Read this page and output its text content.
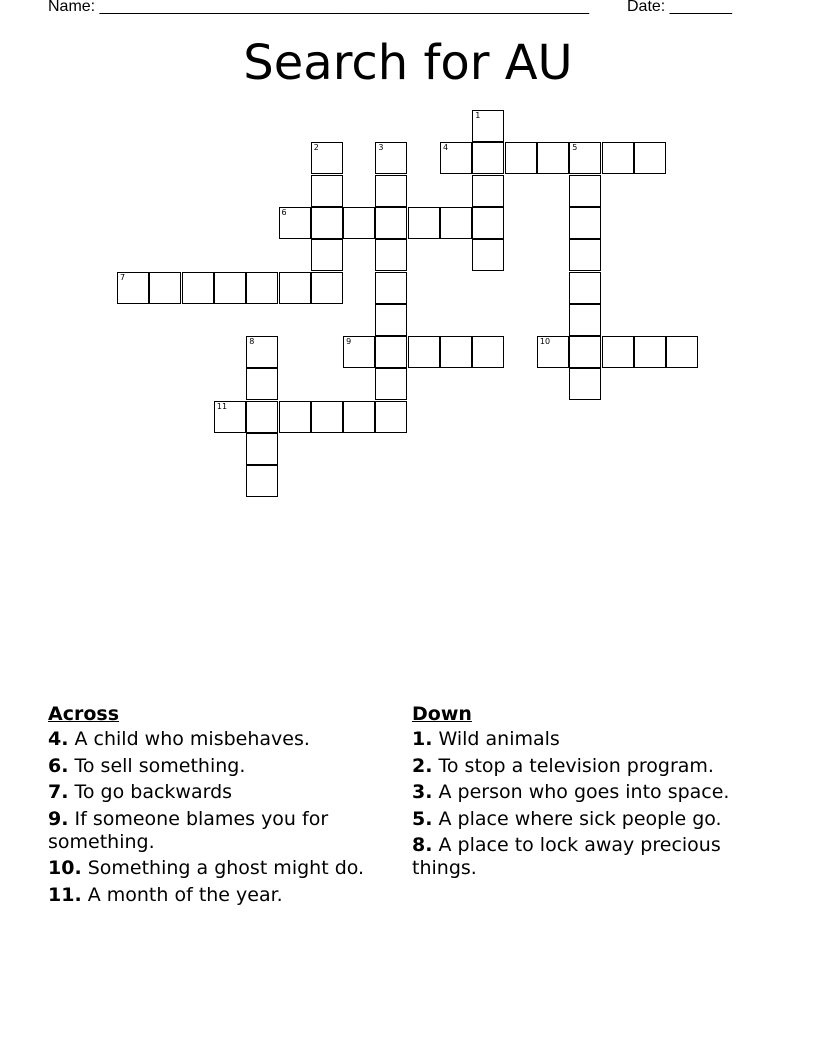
Name: _______________________________________________________ Date: _______
Search for AU
1
2	3	4	5
6
7
8	9	10
11
Across
4. A child who misbehaves.
6. To sell something.
7. To go backwards
9. If someone blames you for something.
10. Something a ghost might do.
11. A month of the year.
Down
1. Wild animals
2. To stop a television program.
3. A person who goes into space.
5. A place where sick people go.
8. A place to lock away precious things.
